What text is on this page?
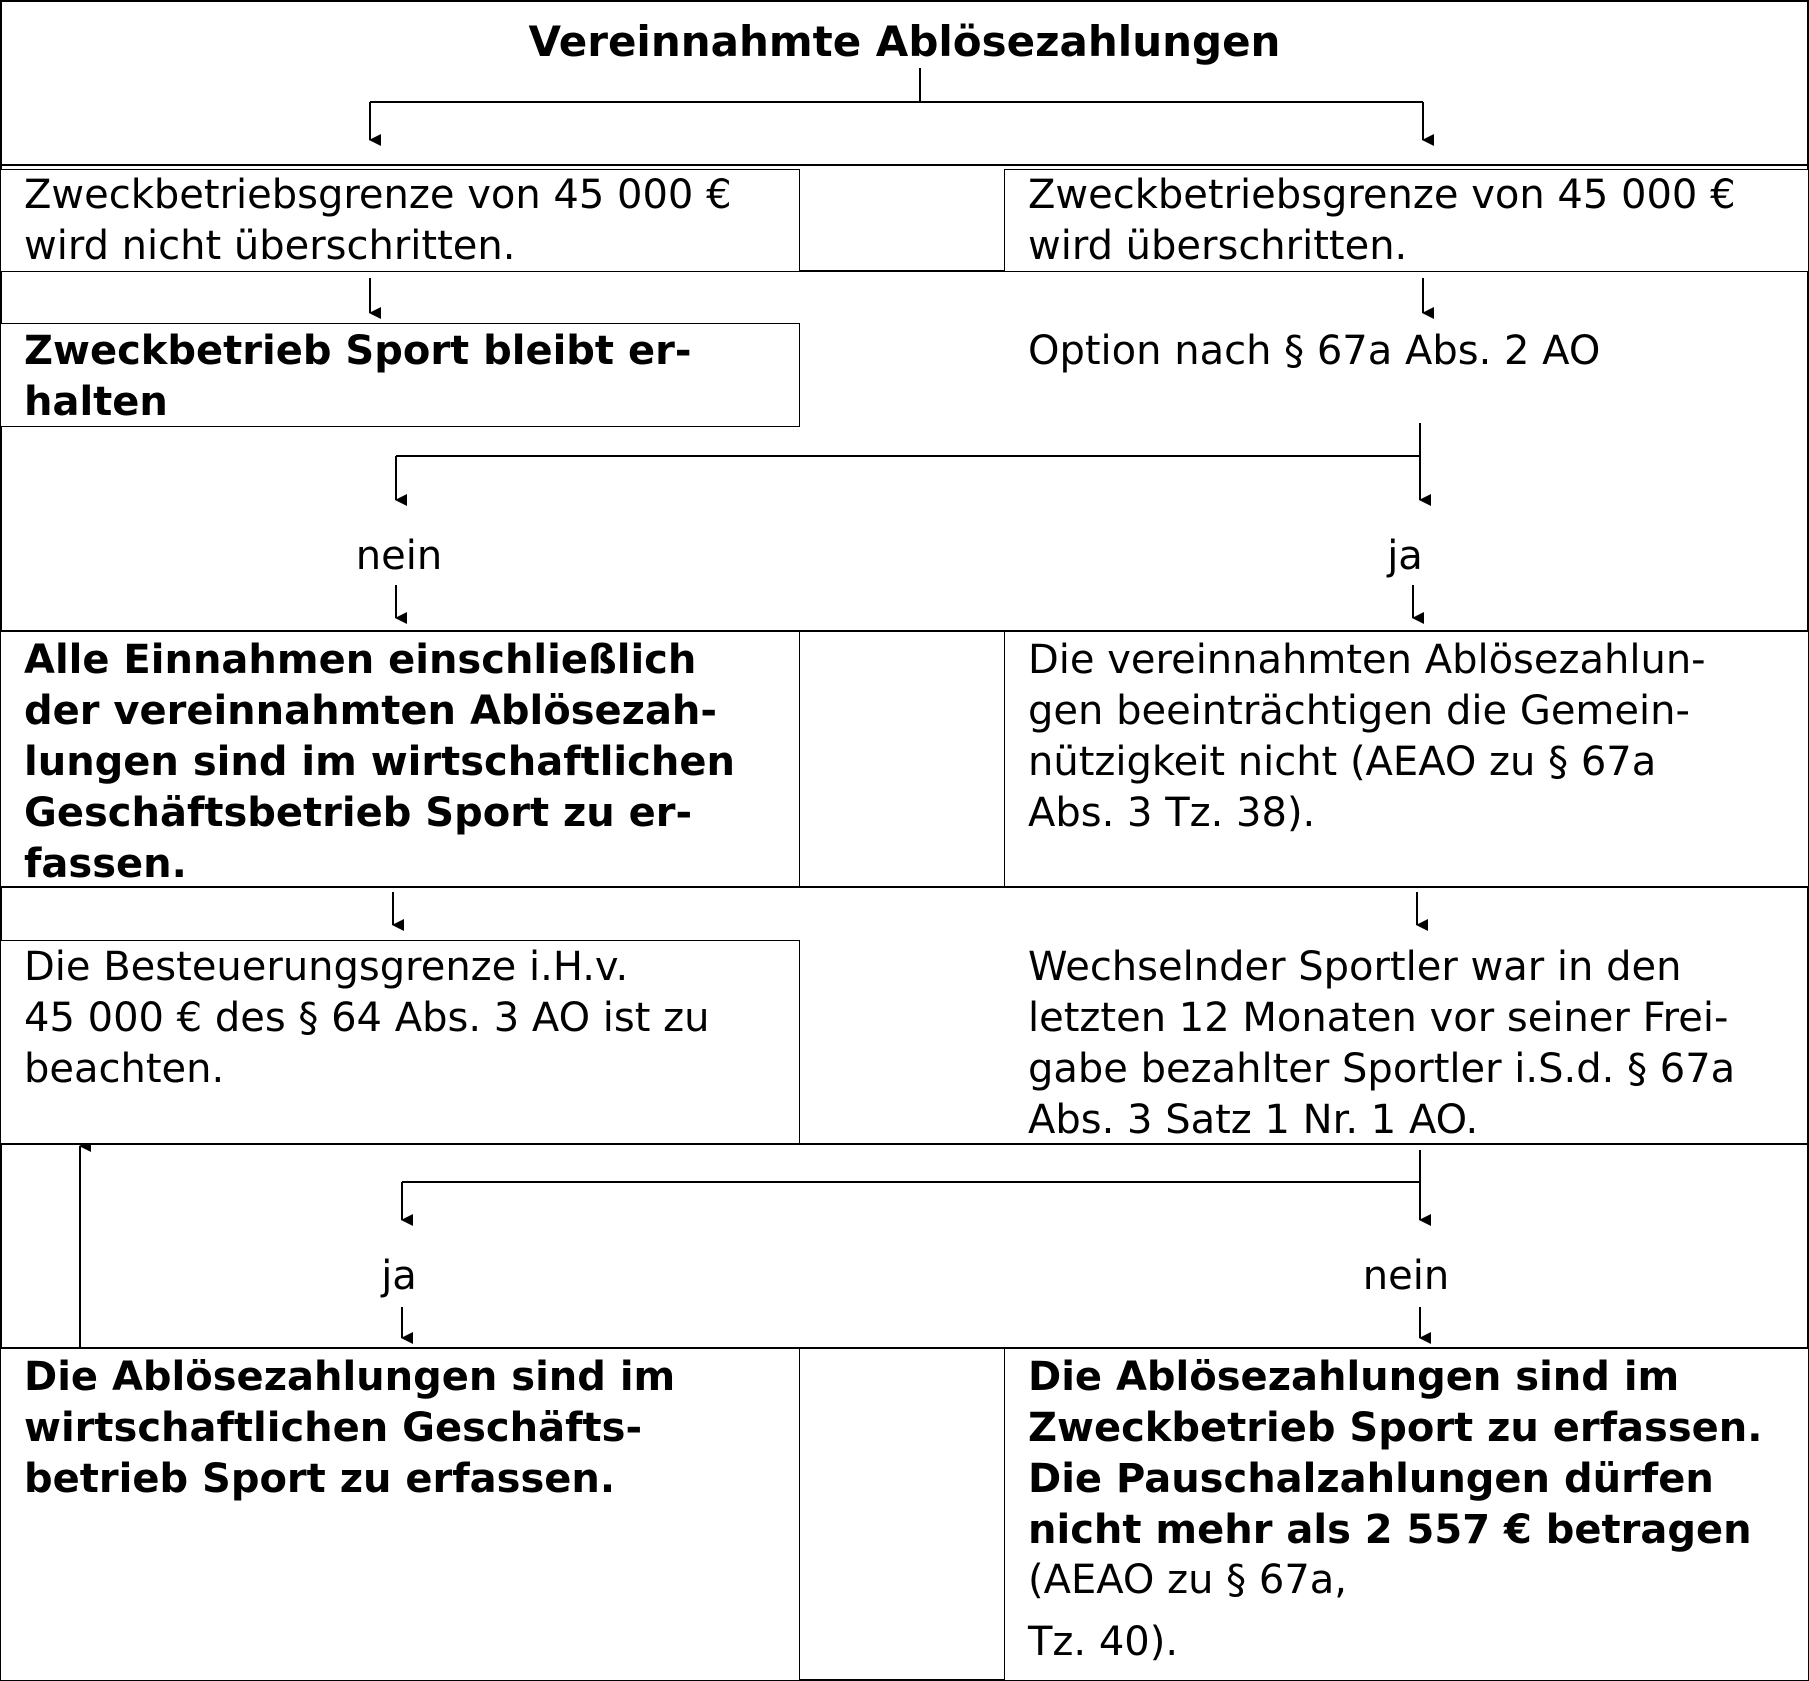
Vereinnahmte Ablösezahlungen
Zweckbetriebsgrenze von 45 000 €
wird nicht überschritten.
Zweckbetriebsgrenze von 45 000 €
wird überschritten.
Zweckbetrieb Sport bleibt er-
halten
Option nach § 67a Abs. 2 AO
nein	ja
Alle Einnahmen einschließlich
der vereinnahmten Ablösezah-
lungen sind im wirtschaftlichen
Geschäftsbetrieb Sport zu er-
fassen.
Die vereinnahmten Ablösezahlun-
gen beeinträchtigen die Gemein-
nützigkeit nicht (AEAO zu § 67a
Abs. 3 Tz. 38).
Die Besteuerungsgrenze i.H.v.
45 000 € des § 64 Abs. 3 AO ist zu
beachten.
Wechselnder Sportler war in den
letzten 12 Monaten vor seiner Frei-
gabe bezahlter Sportler i.S.d. § 67a
Abs. 3 Satz 1 Nr. 1 AO.
ja	nein
Die Ablösezahlungen sind im
wirtschaftlichen Geschäfts-
betrieb Sport zu erfassen.
Die Ablösezahlungen sind im
Zweckbetrieb Sport zu erfassen.
Die Pauschalzahlungen dürfen
nicht mehr als 2 557 € betragen
(AEAO zu § 67a,
Tz. 40).
